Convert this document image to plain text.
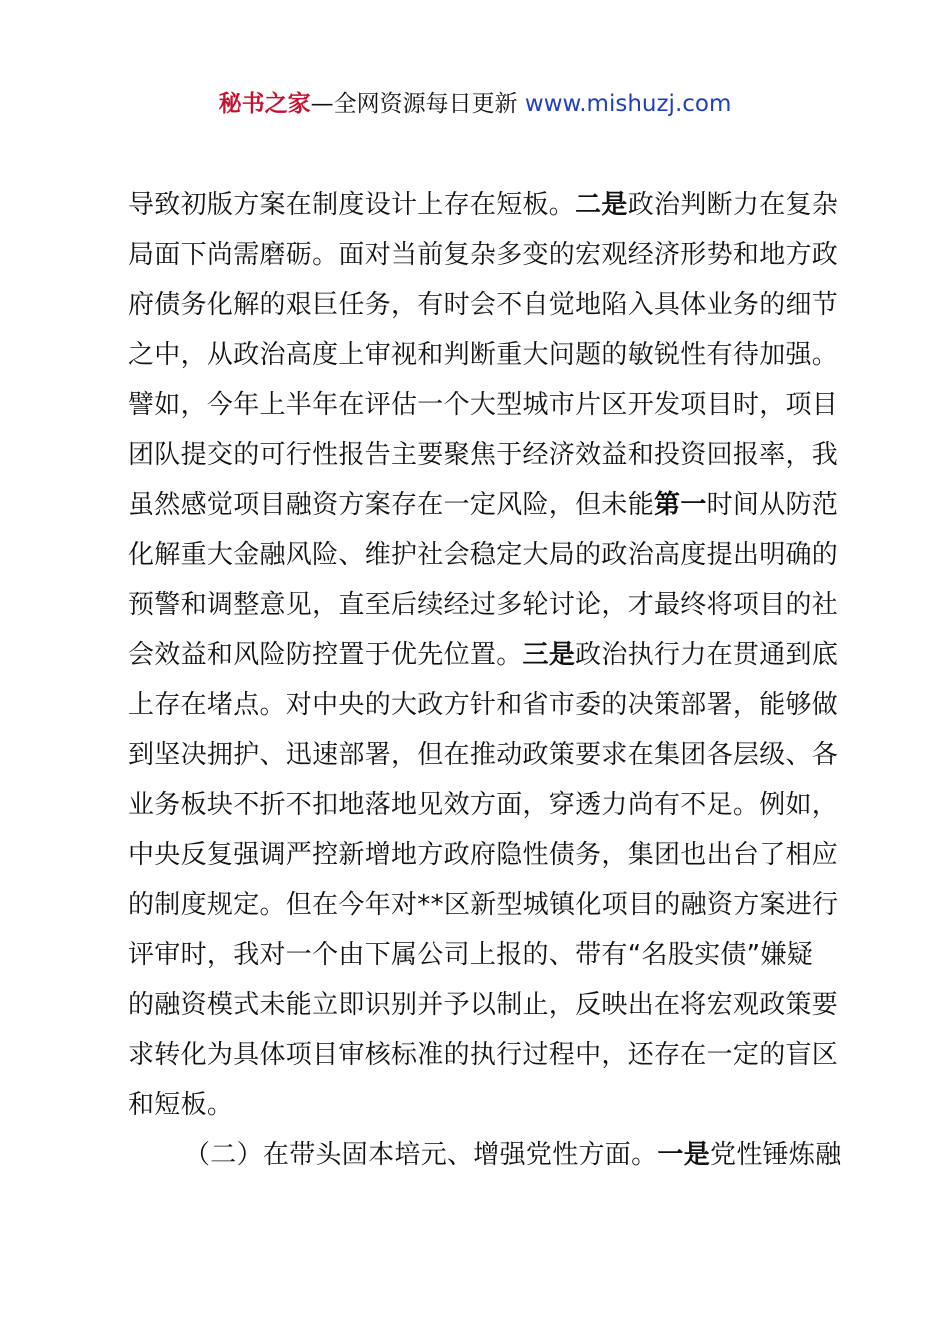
秘书之家—全网资源每日更新 www.mishuzj.com
导致初版方案在制度设计上存在短板。二是政治判断力在复杂
局面下尚需磨砺。面对当前复杂多变的宏观经济形势和地方政
府债务化解的艰巨任务，有时会不自觉地陷入具体业务的细节
之中，从政治高度上审视和判断重大问题的敏锐性有待加强。
譬如，今年上半年在评估一个大型城市片区开发项目时，项目
团队提交的可行性报告主要聚焦于经济效益和投资回报率，我
虽然感觉项目融资方案存在一定风险，但未能第一时间从防范
化解重大金融风险、维护社会稳定大局的政治高度提出明确的
预警和调整意见，直至后续经过多轮讨论，才最终将项目的社
会效益和风险防控置于优先位置。三是政治执行力在贯通到底
上存在堵点。对中央的大政方针和省市委的决策部署，能够做
到坚决拥护、迅速部署，但在推动政策要求在集团各层级、各
业务板块不折不扣地落地见效方面，穿透力尚有不足。例如，
中央反复强调严控新增地方政府隐性债务，集团也出台了相应
的制度规定。但在今年对**区新型城镇化项目的融资方案进行
评审时，我对一个由下属公司上报的、带有“名股实债”嫌疑
的融资模式未能立即识别并予以制止，反映出在将宏观政策要
求转化为具体项目审核标准的执行过程中，还存在一定的盲区
和短板。
（二）在带头固本培元、增强党性方面。一是党性锤炼融
